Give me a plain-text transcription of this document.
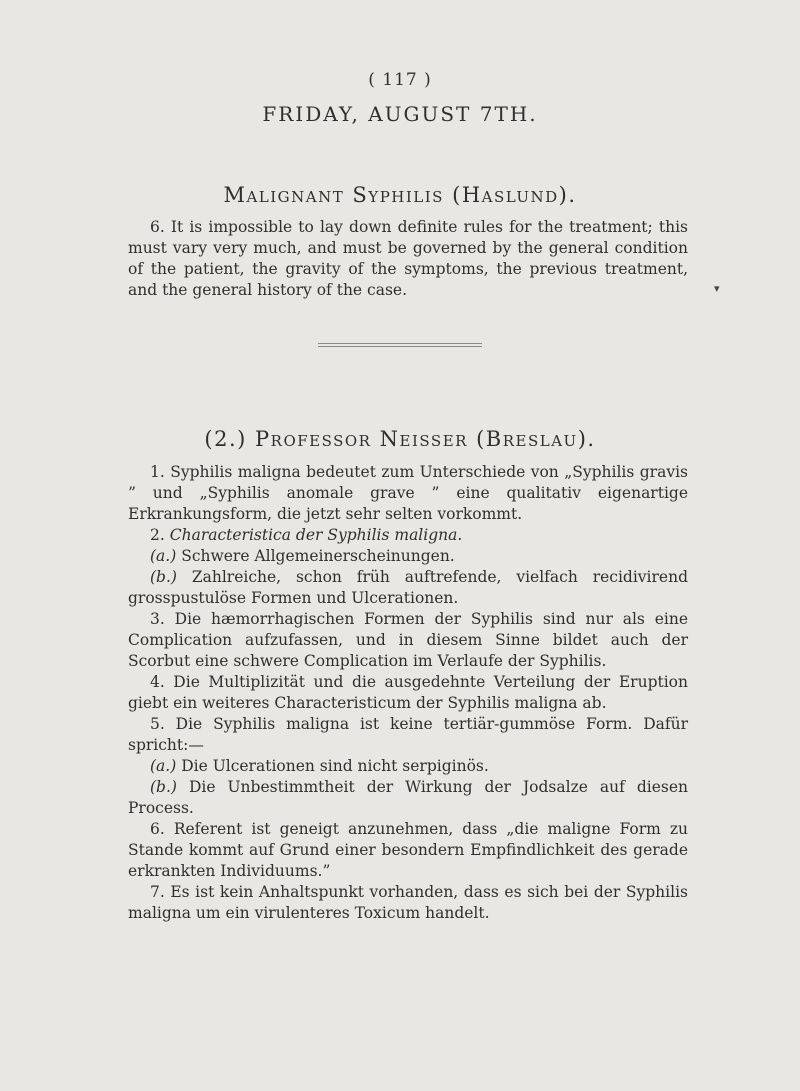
( 117 )
FRIDAY, AUGUST 7TH.
Malignant Syphilis (Haslund).

6. It is impossible to lay down definite rules for the treatment; this must vary very much, and must be governed by the general condition of the patient, the gravity of the symptoms, the previous treatment, and the general history of the case.	▾
(2.) Professor Neisser (Breslau).

1. Syphilis maligna bedeutet zum Unterschiede von „Syphilis gravis ” und „Syphilis anomale grave ” eine qualitativ eigenartige Erkrankungsform, die jetzt sehr selten vorkommt.

2. Characteristica der Syphilis maligna.

(a.) Schwere Allgemeinerscheinungen.

(b.) Zahlreiche, schon früh auftrefende, vielfach recidivirend grosspustulöse Formen und Ulcerationen.

3. Die hæmorrhagischen Formen der Syphilis sind nur als eine Complication aufzufassen, und in diesem Sinne bildet auch der Scorbut eine schwere Complication im Verlaufe der Syphilis.

4. Die Multiplizität und die ausgedehnte Verteilung der Eruption giebt ein weiteres Characteristicum der Syphilis maligna ab.

5. Die Syphilis maligna ist keine tertiär-gummöse Form. Dafür spricht:—

(a.) Die Ulcerationen sind nicht serpiginös.

(b.) Die Unbestimmtheit der Wirkung der Jodsalze auf diesen Process.

6. Referent ist geneigt anzunehmen, dass „die maligne Form zu Stande kommt auf Grund einer besondern Empfindlichkeit des gerade erkrankten Individuums.”

7. Es ist kein Anhaltspunkt vorhanden, dass es sich bei der Syphilis maligna um ein virulenteres Toxicum handelt.
